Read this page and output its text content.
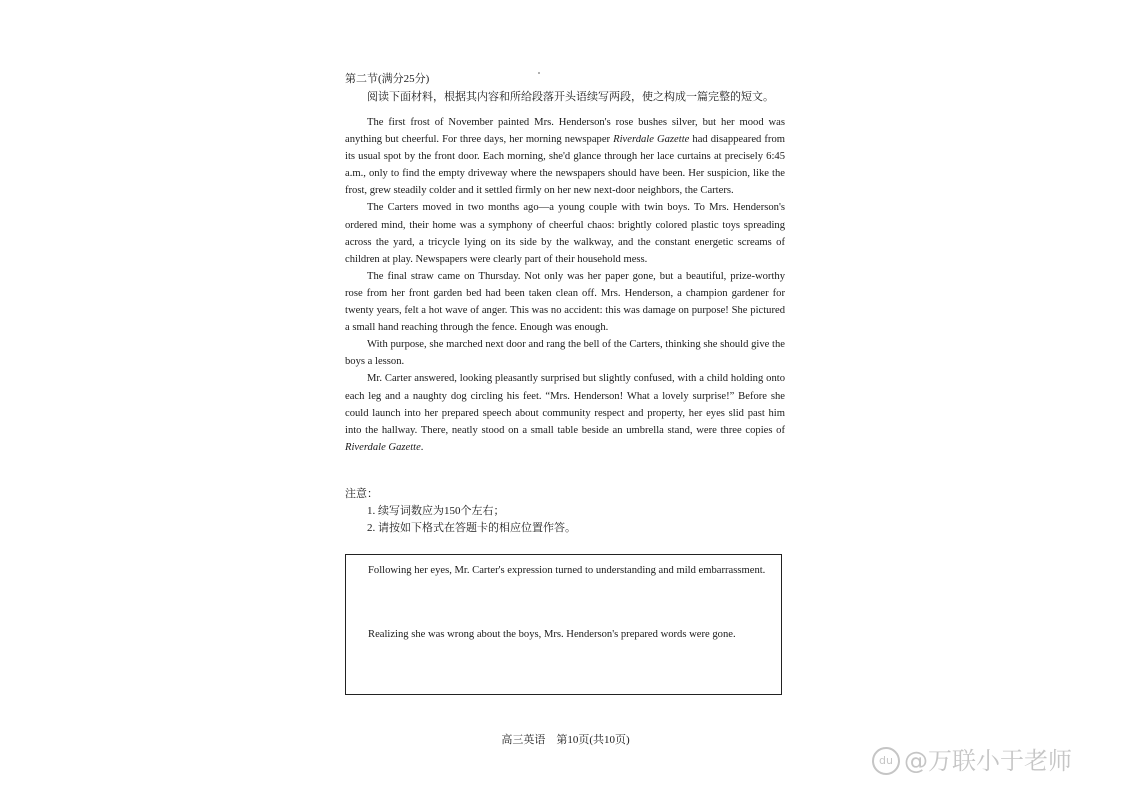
第二节(满分25分)
阅读下面材料，根据其内容和所给段落开头语续写两段，使之构成一篇完整的短文。

The first frost of November painted Mrs. Henderson's rose bushes silver, but her mood was anything but cheerful. For three days, her morning newspaper Riverdale Gazette had disappeared from its usual spot by the front door. Each morning, she'd glance through her lace curtains at precisely 6:45 a.m., only to find the empty driveway where the newspapers should have been. Her suspicion, like the frost, grew steadily colder and it settled firmly on her new next-door neighbors, the Carters.

The Carters moved in two months ago—a young couple with twin boys. To Mrs. Henderson's ordered mind, their home was a symphony of cheerful chaos: brightly colored plastic toys spreading across the yard, a tricycle lying on its side by the walkway, and the constant energetic screams of children at play. Newspapers were clearly part of their household mess.

The final straw came on Thursday. Not only was her paper gone, but a beautiful, prize-worthy rose from her front garden bed had been taken clean off. Mrs. Henderson, a champion gardener for twenty years, felt a hot wave of anger. This was no accident: this was damage on purpose! She pictured a small hand reaching through the fence. Enough was enough.

With purpose, she marched next door and rang the bell of the Carters, thinking she should give the boys a lesson.

Mr. Carter answered, looking pleasantly surprised but slightly confused, with a child holding onto each leg and a naughty dog circling his feet. “Mrs. Henderson! What a lovely surprise!” Before she could launch into her prepared speech about community respect and property, her eyes slid past him into the hallway. There, neatly stood on a small table beside an umbrella stand, were three copies of Riverdale Gazette.

注意：
1. 续写词数应为150个左右；
2. 请按如下格式在答题卡的相应位置作答。
Following her eyes, Mr. Carter's expression turned to understanding and mild embarrassment.
Realizing she was wrong about the boys, Mrs. Henderson's prepared words were gone.
高三英语　第10页(共10页)
du @万联小于老师
